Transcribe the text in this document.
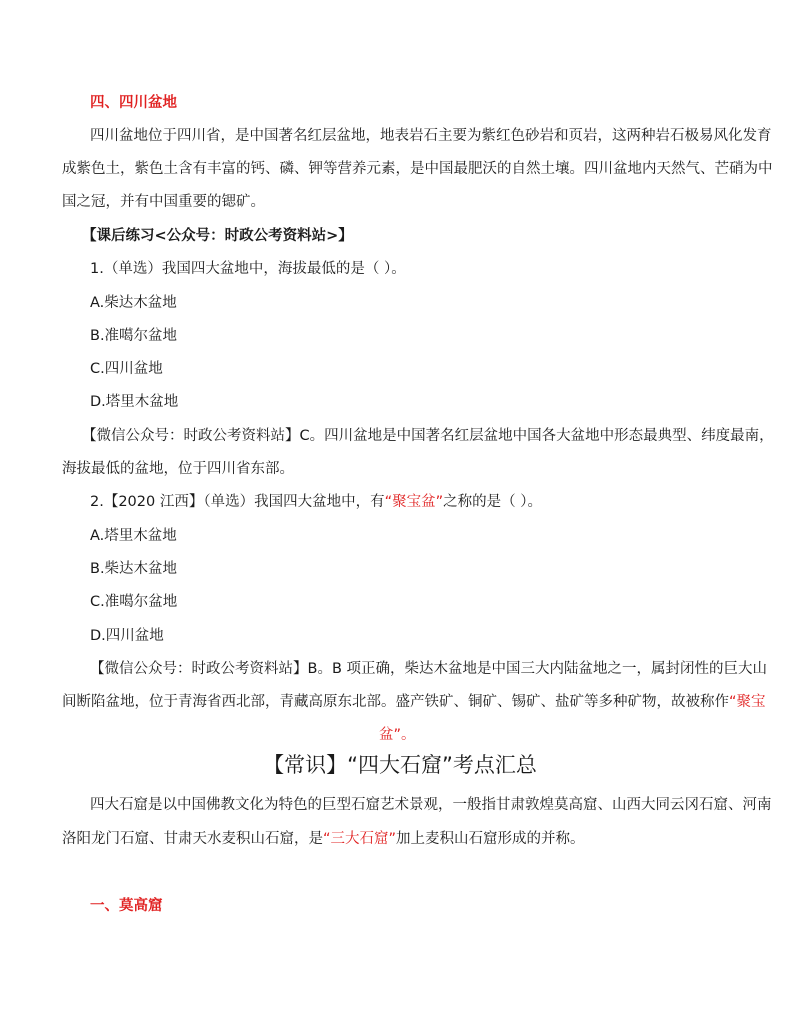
四、四川盆地
四川盆地位于四川省，是中国著名红层盆地，地表岩石主要为紫红色砂岩和页岩，这两种岩石极易风化发育
成紫色土，紫色土含有丰富的钙、磷、钾等营养元素，是中国最肥沃的自然土壤。四川盆地内天然气、芒硝为中
国之冠，并有中国重要的锶矿。
【课后练习<公众号：时政公考资料站>】
1.（单选）我国四大盆地中，海拔最低的是（ ）。
A.柴达木盆地
B.准噶尔盆地
C.四川盆地
D.塔里木盆地
【微信公众号：时政公考资料站】C。四川盆地是中国著名红层盆地中国各大盆地中形态最典型、纬度最南，
海拔最低的盆地，位于四川省东部。
2.【2020 江西】（单选）我国四大盆地中，有“聚宝盆”之称的是（ ）。
A.塔里木盆地
B.柴达木盆地
C.准噶尔盆地
D.四川盆地
【微信公众号：时政公考资料站】B。B 项正确，柴达木盆地是中国三大内陆盆地之一，属封闭性的巨大山
间断陷盆地，位于青海省西北部，青藏高原东北部。盛产铁矿、铜矿、锡矿、盐矿等多种矿物，故被称作“聚宝
盆”。
【常识】“四大石窟”考点汇总
四大石窟是以中国佛教文化为特色的巨型石窟艺术景观，一般指甘肃敦煌莫高窟、山西大同云冈石窟、河南
洛阳龙门石窟、甘肃天水麦积山石窟，是“三大石窟”加上麦积山石窟形成的并称。
一、莫高窟
